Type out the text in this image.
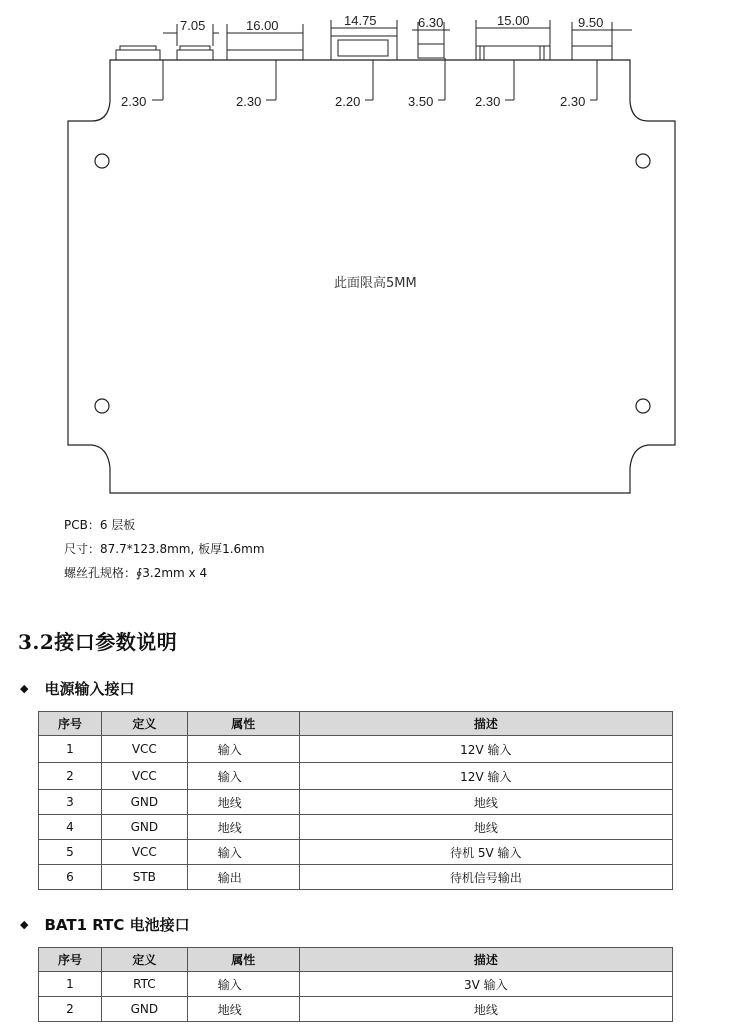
7.05	16.00	14.75	6.30	15.00	9.50
2.30	2.30	2.20	3.50	2.30	2.30
此面限高5MM
PCB：6 层板
尺寸：87.7*123.8mm, 板厚1.6mm
螺丝孔规格：∮3.2mm x 4
3.2接口参数说明
◆ 电源输入接口
序号	定义	属性	描述
1	VCC	输入	12V 输入
2	VCC	输入	12V 输入
3	GND	地线	地线
4	GND	地线	地线
5	VCC	输入	待机 5V 输入
6	STB	输出	待机信号输出
◆ BAT1 RTC 电池接口
序号	定义	属性	描述
1	RTC	输入	3V 输入
2	GND	地线	地线
